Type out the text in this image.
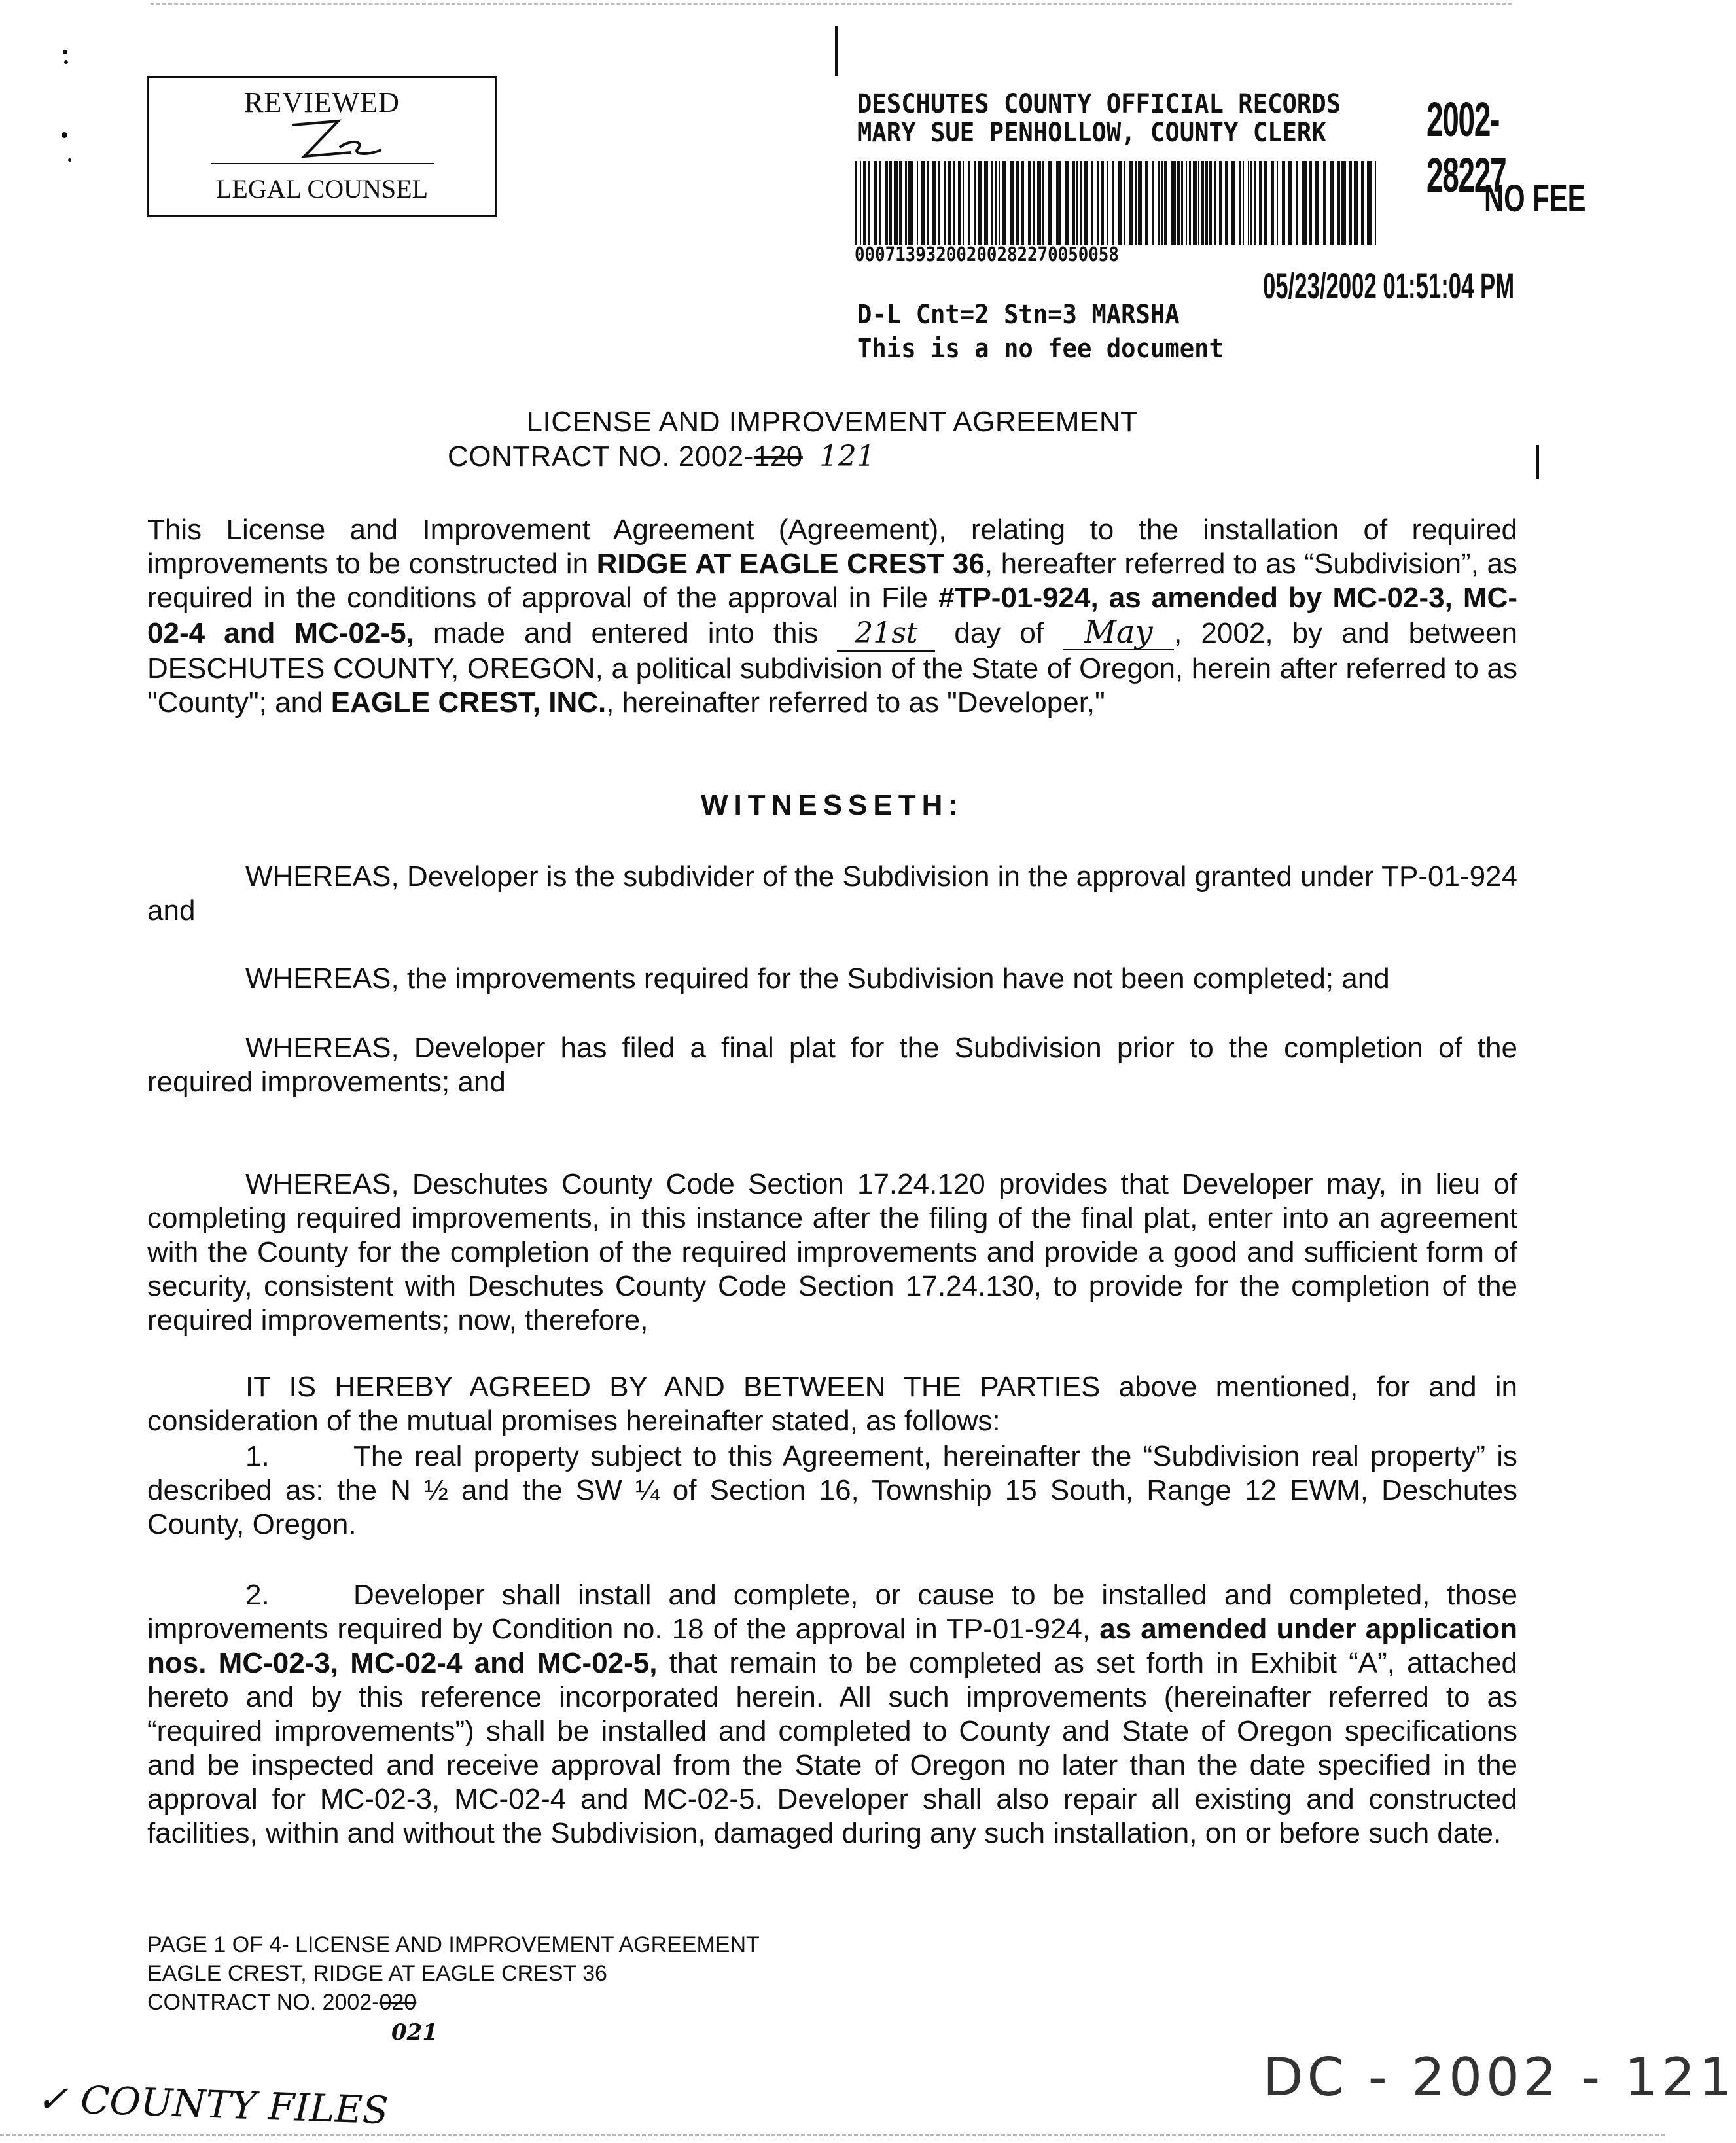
REVIEWED
LEGAL COUNSEL
DESCHUTES COUNTY OFFICIAL RECORDS
MARY SUE PENHOLLOW, COUNTY CLERK 2002-28227
NO FEE
00071393200200282270050058
05/23/2002 01:51:04 PM
D-L Cnt=2 Stn=3 MARSHA
This is a no fee document
LICENSE AND IMPROVEMENT AGREEMENT
CONTRACT NO. 2002-120 121

This License and Improvement Agreement (Agreement), relating to the installation of required improvements to be constructed in RIDGE AT EAGLE CREST 36, hereafter referred to as “Subdivision”, as required in the conditions of approval of the approval in File #TP-01-924, as amended by MC-02-3, MC-02-4 and MC-02-5, made and entered into this 21st day of May , 2002, by and between DESCHUTES COUNTY, OREGON, a political subdivision of the State of Oregon, herein after referred to as "County"; and EAGLE CREST, INC., hereinafter referred to as "Developer,"

WITNESSETH:

WHEREAS, Developer is the subdivider of the Subdivision in the approval granted under TP-01-924 and

WHEREAS, the improvements required for the Subdivision have not been completed; and

WHEREAS, Developer has filed a final plat for the Subdivision prior to the completion of the required improvements; and

WHEREAS, Deschutes County Code Section 17.24.120 provides that Developer may, in lieu of completing required improvements, in this instance after the filing of the final plat, enter into an agreement with the County for the completion of the required improvements and provide a good and sufficient form of security, consistent with Deschutes County Code Section 17.24.130, to provide for the completion of the required improvements; now, therefore,

IT IS HEREBY AGREED BY AND BETWEEN THE PARTIES above mentioned, for and in consideration of the mutual promises hereinafter stated, as follows:

1.	The real property subject to this Agreement, hereinafter the “Subdivision real property” is described as: the N ½ and the SW ¼ of Section 16, Township 15 South, Range 12 EWM, Deschutes County, Oregon.

2.	Developer shall install and complete, or cause to be installed and completed, those improvements required by Condition no. 18 of the approval in TP-01-924, as amended under application nos. MC-02-3, MC-02-4 and MC-02-5, that remain to be completed as set forth in Exhibit “A”, attached hereto and by this reference incorporated herein. All such improvements (hereinafter referred to as “required improvements”) shall be installed and completed to County and State of Oregon specifications and be inspected and receive approval from the State of Oregon no later than the date specified in the approval for MC-02-3, MC-02-4 and MC-02-5. Developer shall also repair all existing and constructed facilities, within and without the Subdivision, damaged during any such installation, on or before such date.

PAGE 1 OF 4- LICENSE AND IMPROVEMENT AGREEMENT
EAGLE CREST, RIDGE AT EAGLE CREST 36
CONTRACT NO. 2002-020
021
✓ COUNTY FILES	DC - 2002 - 121
